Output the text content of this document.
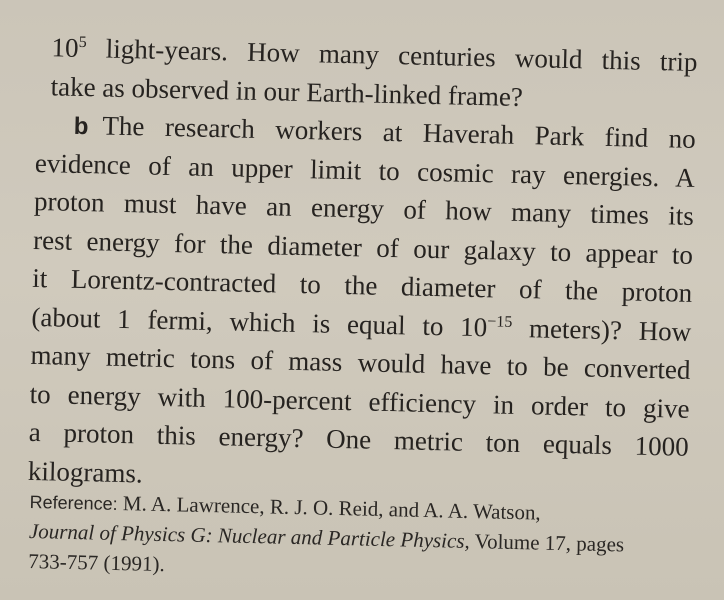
$10^5$ light-years. How many centuries would this trip
take as observed in our Earth-linked frame?
b The research workers at Haverah Park find no
evidence of an upper limit to cosmic ray energies. A
proton must have an energy of how many times its
rest energy for the diameter of our galaxy to appear to
it Lorentz-contracted to the diameter of the proton
(about 1 fermi, which is equal to $10^{-15}$ meters)? How
many metric tons of mass would have to be converted
to energy with 100-percent efficiency in order to give
a proton this energy? One metric ton equals 1000
kilograms.
Reference: M. A. Lawrence, R. J. O. Reid, and A. A. Watson,
Journal of Physics G: Nuclear and Particle Physics, Volume 17, pages
733-757 (1991).
